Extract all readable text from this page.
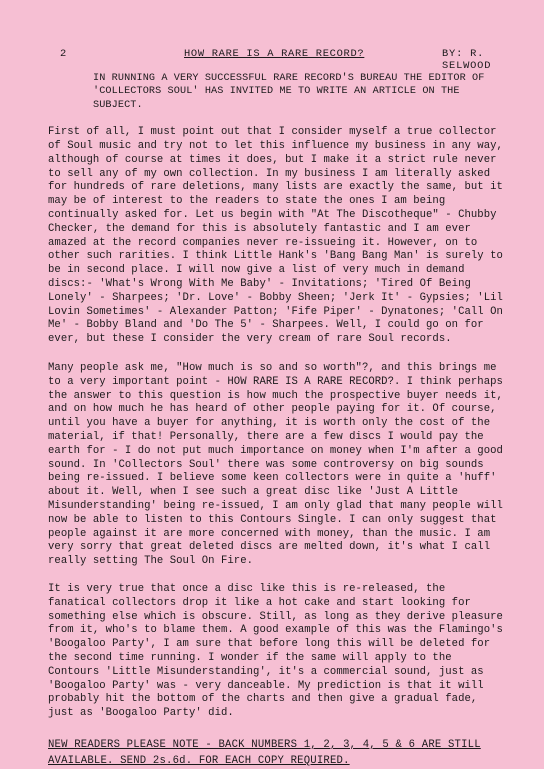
2	HOW RARE IS A RARE RECORD?	BY: R. SELWOOD
IN RUNNING A VERY SUCCESSFUL RARE RECORD'S BUREAU THE EDITOR OF 'COLLECTORS SOUL' HAS INVITED ME TO WRITE AN ARTICLE ON THE SUBJECT.

First of all, I must point out that I consider myself a true collector of Soul music and try not to let this influence my business in any way, although of course at times it does, but I make it a strict rule never to sell any of my own collection. In my business I am literally asked for hundreds of rare deletions, many lists are exactly the same, but it may be of interest to the readers to state the ones I am being continually asked for. Let us begin with "At The Discotheque" - Chubby Checker, the demand for this is absolutely fantastic and I am ever amazed at the record companies never re-issueing it. However, on to other such rarities. I think Little Hank's 'Bang Bang Man' is surely to be in second place. I will now give a list of very much in demand discs:- 'What's Wrong With Me Baby' - Invitations; 'Tired Of Being Lonely' - Sharpees; 'Dr. Love' - Bobby Sheen; 'Jerk It' - Gypsies; 'Lil Lovin Sometimes' - Alexander Patton; 'Fife Piper' - Dynatones; 'Call On Me' - Bobby Bland and 'Do The 5' - Sharpees. Well, I could go on for ever, but these I consider the very cream of rare Soul records.

Many people ask me, "How much is so and so worth"?, and this brings me to a very important point - HOW RARE IS A RARE RECORD?. I think perhaps the answer to this question is how much the prospective buyer needs it, and on how much he has heard of other people paying for it. Of course, until you have a buyer for anything, it is worth only the cost of the material, if that! Personally, there are a few discs I would pay the earth for - I do not put much importance on money when I'm after a good sound. In 'Collectors Soul' there was some controversy on big sounds being re-issued. I believe some keen collectors were in quite a 'huff' about it. Well, when I see such a great disc like 'Just A Little Misunderstanding' being re-issued, I am only glad that many people will now be able to listen to this Contours Single. I can only suggest that people against it are more concerned with money, than the music. I am very sorry that great deleted discs are melted down, it's what I call really setting The Soul On Fire.

It is very true that once a disc like this is re-released, the fanatical collectors drop it like a hot cake and start looking for something else which is obscure. Still, as long as they derive pleasure from it, who's to blame them. A good example of this was the Flamingo's 'Boogaloo Party', I am sure that before long this will be deleted for the second time running. I wonder if the same will apply to the Contours 'Little Misunderstanding', it's a commercial sound, just as 'Boogaloo Party' was - very danceable. My prediction is that it will probably hit the bottom of the charts and then give a gradual fade, just as 'Boogaloo Party' did.

NEW READERS PLEASE NOTE - BACK NUMBERS 1, 2, 3, 4, 5 & 6 ARE STILL AVAILABLE. SEND 2s.6d. FOR EACH COPY REQUIRED.
